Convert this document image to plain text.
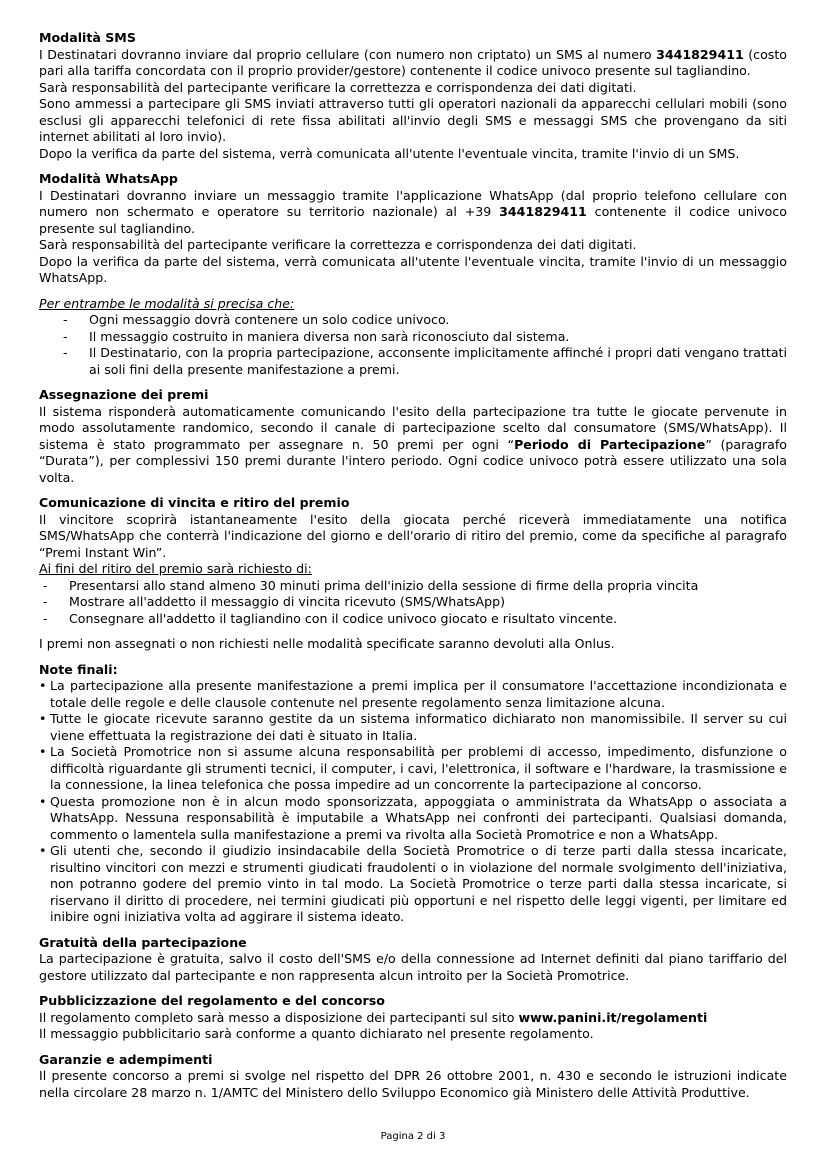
Modalità SMS

I Destinatari dovranno inviare dal proprio cellulare (con numero non criptato) un SMS al numero 3441829411 (costo pari alla tariffa concordata con il proprio provider/gestore) contenente il codice univoco presente sul tagliandino.

Sarà responsabilità del partecipante verificare la correttezza e corrispondenza dei dati digitati.

Sono ammessi a partecipare gli SMS inviati attraverso tutti gli operatori nazionali da apparecchi cellulari mobili (sono esclusi gli apparecchi telefonici di rete fissa abilitati all'invio degli SMS e messaggi SMS che provengano da siti internet abilitati al loro invio).

Dopo la verifica da parte del sistema, verrà comunicata all'utente l'eventuale vincita, tramite l'invio di un SMS.

Modalità WhatsApp

I Destinatari dovranno inviare un messaggio tramite l'applicazione WhatsApp (dal proprio telefono cellulare con numero non schermato e operatore su territorio nazionale) al +39 3441829411 contenente il codice univoco presente sul tagliandino.

Sarà responsabilità del partecipante verificare la correttezza e corrispondenza dei dati digitati.

Dopo la verifica da parte del sistema, verrà comunicata all'utente l'eventuale vincita, tramite l'invio di un messaggio WhatsApp.

Per entrambe le modalità si precisa che:

- Ogni messaggio dovrà contenere un solo codice univoco.
- Il messaggio costruito in maniera diversa non sarà riconosciuto dal sistema.
- Il Destinatario, con la propria partecipazione, acconsente implicitamente affinché i propri dati vengano trattati ai soli fini della presente manifestazione a premi.
Assegnazione dei premi

Il sistema risponderà automaticamente comunicando l'esito della partecipazione tra tutte le giocate pervenute in modo assolutamente randomico, secondo il canale di partecipazione scelto dal consumatore (SMS/WhatsApp). Il sistema è stato programmato per assegnare n. 50 premi per ogni “Periodo di Partecipazione” (paragrafo “Durata”), per complessivi 150 premi durante l'intero periodo. Ogni codice univoco potrà essere utilizzato una sola volta.

Comunicazione di vincita e ritiro del premio

Il vincitore scoprirà istantaneamente l'esito della giocata perché riceverà immediatamente una notifica SMS/WhatsApp che conterrà l'indicazione del giorno e dell'orario di ritiro del premio, come da specifiche al paragrafo “Premi Instant Win”.

Ai fini del ritiro del premio sarà richiesto di:

- Presentarsi allo stand almeno 30 minuti prima dell'inizio della sessione di firme della propria vincita
- Mostrare all'addetto il messaggio di vincita ricevuto (SMS/WhatsApp)
- Consegnare all'addetto il tagliandino con il codice univoco giocato e risultato vincente.

I premi non assegnati o non richiesti nelle modalità specificate saranno devoluti alla Onlus.

Note finali:
• La partecipazione alla presente manifestazione a premi implica per il consumatore l'accettazione incondizionata e totale delle regole e delle clausole contenute nel presente regolamento senza limitazione alcuna.
• Tutte le giocate ricevute saranno gestite da un sistema informatico dichiarato non manomissibile. Il server su cui viene effettuata la registrazione dei dati è situato in Italia.
• La Società Promotrice non si assume alcuna responsabilità per problemi di accesso, impedimento, disfunzione o difficoltà riguardante gli strumenti tecnici, il computer, i cavi, l'elettronica, il software e l'hardware, la trasmissione e la connessione, la linea telefonica che possa impedire ad un concorrente la partecipazione al concorso.
• Questa promozione non è in alcun modo sponsorizzata, appoggiata o amministrata da WhatsApp o associata a WhatsApp. Nessuna responsabilità è imputabile a WhatsApp nei confronti dei partecipanti. Qualsiasi domanda, commento o lamentela sulla manifestazione a premi va rivolta alla Società Promotrice e non a WhatsApp.
• Gli utenti che, secondo il giudizio insindacabile della Società Promotrice o di terze parti dalla stessa incaricate, risultino vincitori con mezzi e strumenti giudicati fraudolenti o in violazione del normale svolgimento dell'iniziativa, non potranno godere del premio vinto in tal modo. La Società Promotrice o terze parti dalla stessa incaricate, si riservano il diritto di procedere, nei termini giudicati più opportuni e nel rispetto delle leggi vigenti, per limitare ed inibire ogni iniziativa volta ad aggirare il sistema ideato.
Gratuità della partecipazione

La partecipazione è gratuita, salvo il costo dell'SMS e/o della connessione ad Internet definiti dal piano tariffario del gestore utilizzato dal partecipante e non rappresenta alcun introito per la Società Promotrice.

Pubblicizzazione del regolamento e del concorso

Il regolamento completo sarà messo a disposizione dei partecipanti sul sito www.panini.it/regolamenti

Il messaggio pubblicitario sarà conforme a quanto dichiarato nel presente regolamento.

Garanzie e adempimenti

Il presente concorso a premi si svolge nel rispetto del DPR 26 ottobre 2001, n. 430 e secondo le istruzioni indicate nella circolare 28 marzo n. 1/AMTC del Ministero dello Sviluppo Economico già Ministero delle Attività Produttive.

Pagina 2 di 3
